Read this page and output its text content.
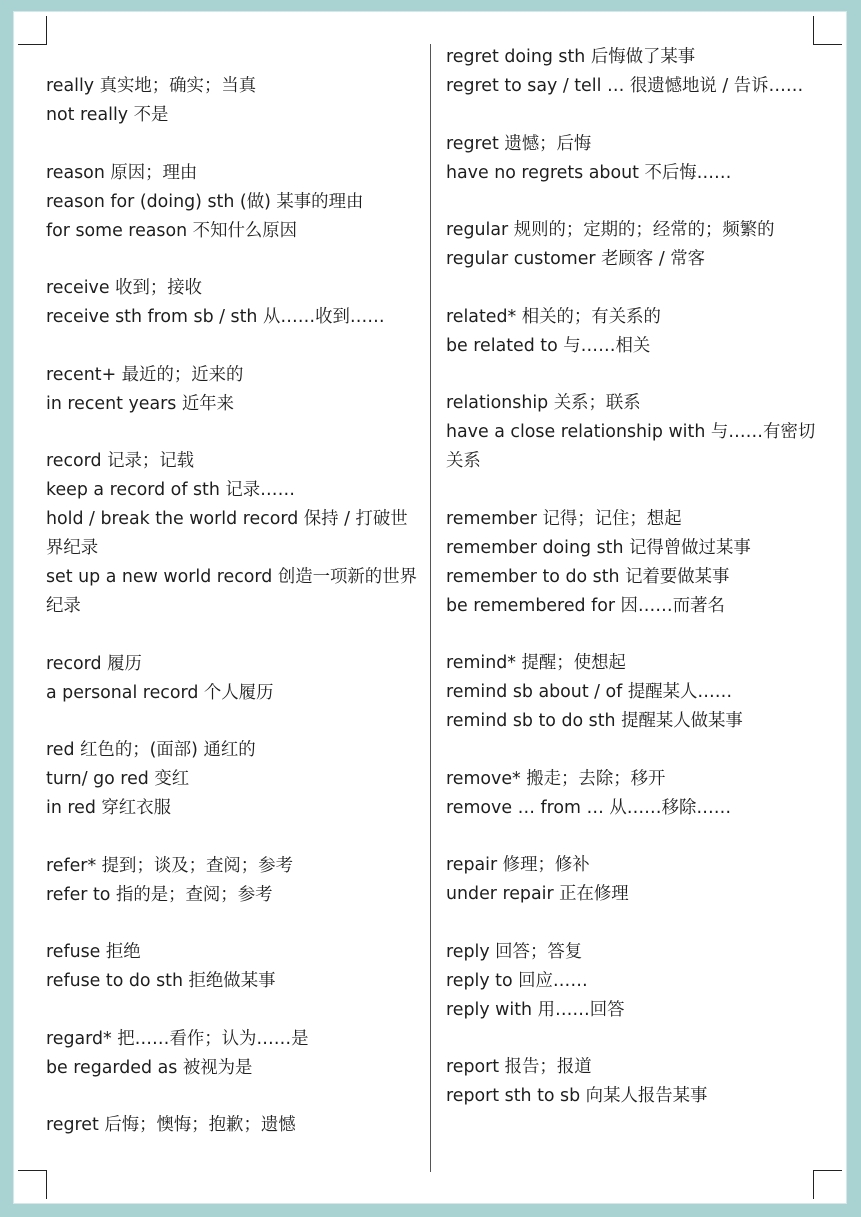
really 真实地；确实；当真
not really 不是
reason 原因；理由
reason for (doing) sth (做) 某事的理由
for some reason 不知什么原因
receive 收到；接收
receive sth from sb / sth 从……收到……
recent+ 最近的；近来的
in recent years 近年来
record 记录；记载
keep a record of sth 记录……
hold / break the world record 保持 / 打破世界纪录
set up a new world record 创造一项新的世界纪录
record 履历
a personal record 个人履历
red 红色的；(面部) 通红的
turn/ go red 变红
in red 穿红衣服
refer* 提到；谈及；查阅；参考
refer to 指的是；查阅；参考
refuse 拒绝
refuse to do sth 拒绝做某事
regard* 把……看作；认为……是
be regarded as 被视为是
regret 后悔；懊悔；抱歉；遗憾
regret doing sth 后悔做了某事
regret to say / tell … 很遗憾地说 / 告诉……
regret 遗憾；后悔
have no regrets about 不后悔……
regular 规则的；定期的；经常的；频繁的
regular customer 老顾客 / 常客
related* 相关的；有关系的
be related to 与……相关
relationship 关系；联系
have a close relationship with 与……有密切关系
remember 记得；记住；想起
remember doing sth 记得曾做过某事
remember to do sth 记着要做某事
be remembered for 因……而著名
remind* 提醒；使想起
remind sb about / of 提醒某人……
remind sb to do sth 提醒某人做某事
remove* 搬走；去除；移开
remove … from … 从……移除……
repair 修理；修补
under repair 正在修理
reply 回答；答复
reply to 回应……
reply with 用……回答
report 报告；报道
report sth to sb 向某人报告某事
